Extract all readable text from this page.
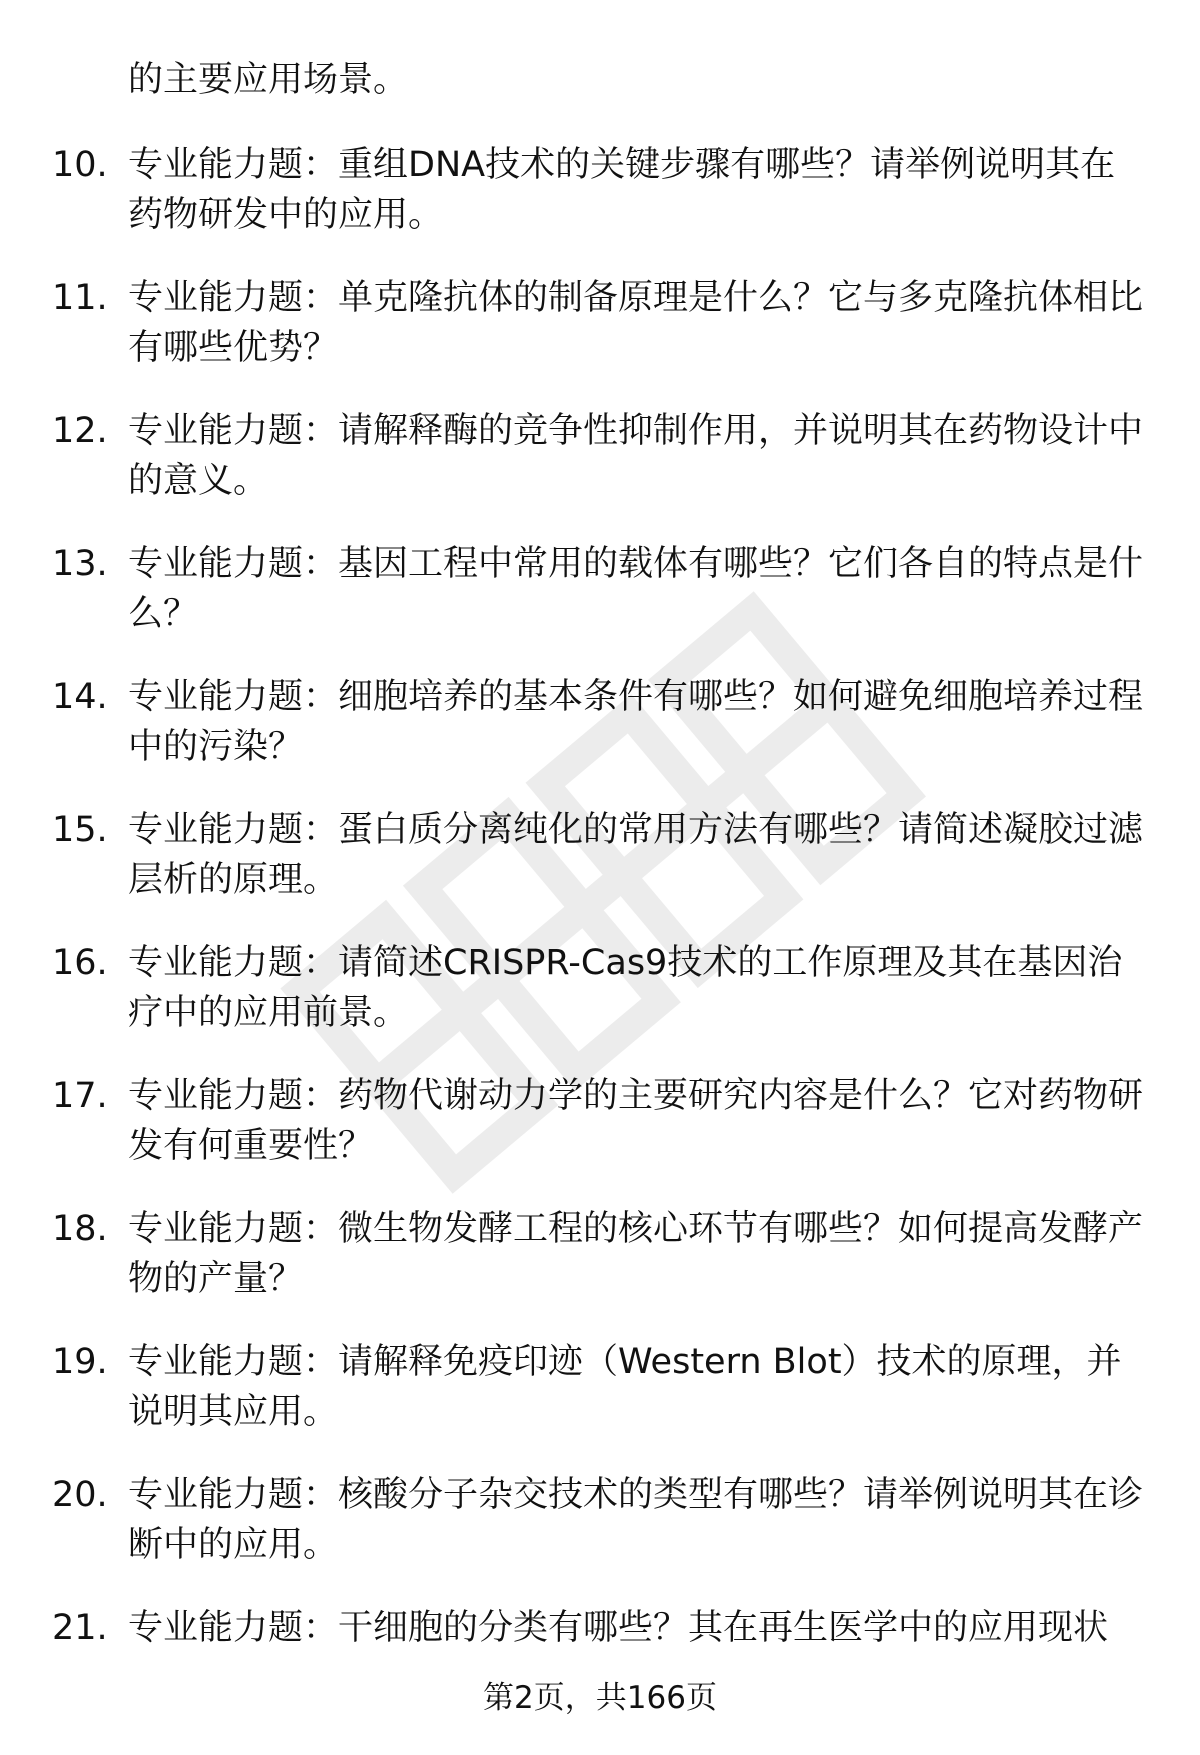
的主要应用场景。

10. 专业能力题：重组DNA技术的关键步骤有哪些？请举例说明其在药物研发中的应用。
11. 专业能力题：单克隆抗体的制备原理是什么？它与多克隆抗体相比有哪些优势？
12. 专业能力题：请解释酶的竞争性抑制作用，并说明其在药物设计中的意义。
13. 专业能力题：基因工程中常用的载体有哪些？它们各自的特点是什么？
14. 专业能力题：细胞培养的基本条件有哪些？如何避免细胞培养过程中的污染？
15. 专业能力题：蛋白质分离纯化的常用方法有哪些？请简述凝胶过滤层析的原理。
16. 专业能力题：请简述CRISPR-Cas9技术的工作原理及其在基因治疗中的应用前景。
17. 专业能力题：药物代谢动力学的主要研究内容是什么？它对药物研发有何重要性？
18. 专业能力题：微生物发酵工程的核心环节有哪些？如何提高发酵产物的产量？
19. 专业能力题：请解释免疫印迹（Western Blot）技术的原理，并说明其应用。
20. 专业能力题：核酸分子杂交技术的类型有哪些？请举例说明其在诊断中的应用。
21. 专业能力题：干细胞的分类有哪些？其在再生医学中的应用现状
第2页，共166页
